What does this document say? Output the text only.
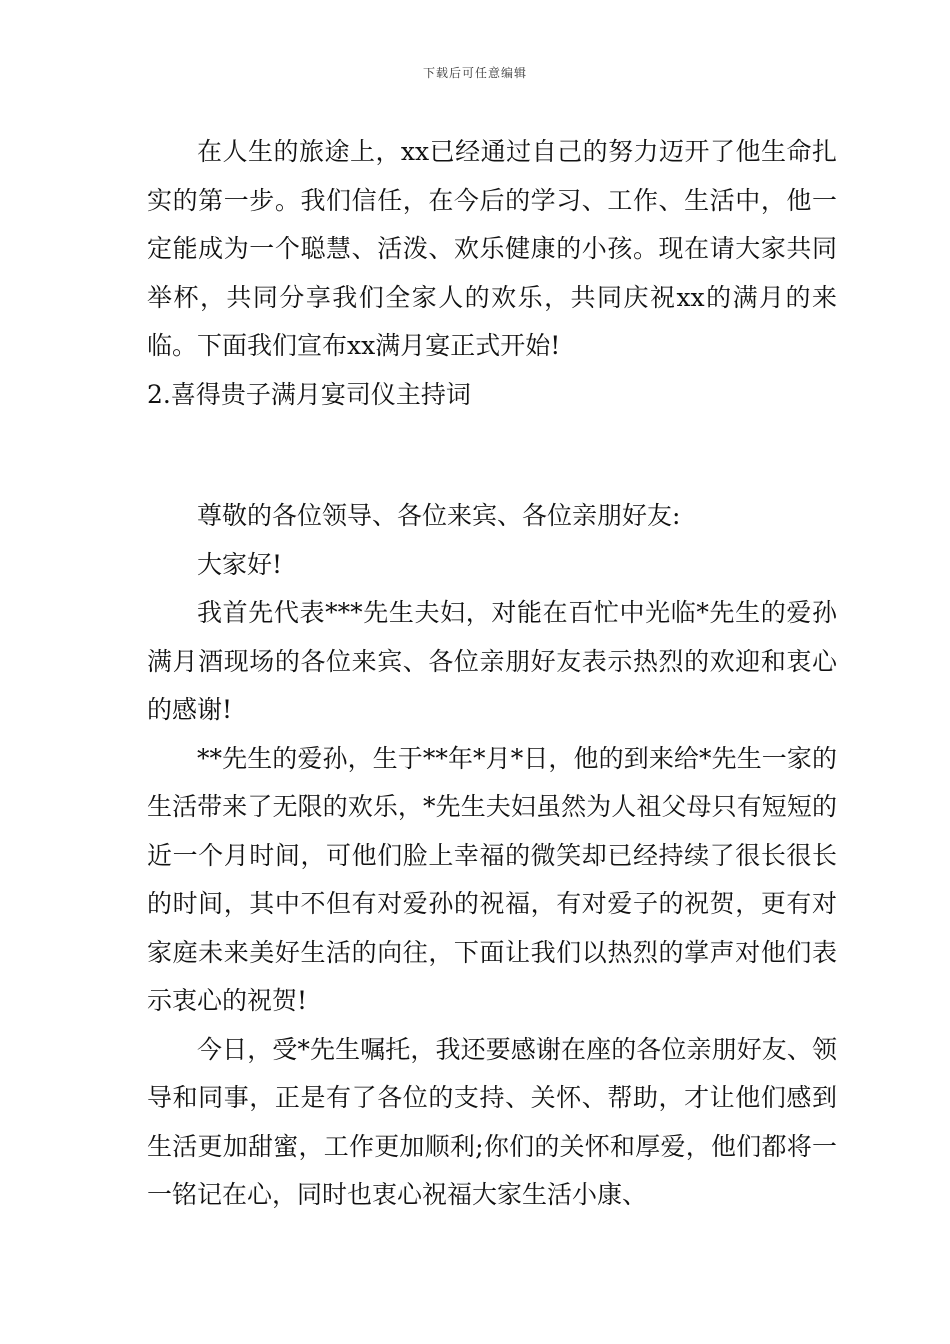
下载后可任意编辑

在人生的旅途上，xx已经通过自己的努力迈开了他生命扎实的第一步。我们信任，在今后的学习、工作、生活中，他一定能成为一个聪慧、活泼、欢乐健康的小孩。现在请大家共同举杯，共同分享我们全家人的欢乐，共同庆祝xx的满月的来临。下面我们宣布xx满月宴正式开始!

2.喜得贵子满月宴司仪主持词

尊敬的各位领导、各位来宾、各位亲朋好友:

大家好!

我首先代表***先生夫妇，对能在百忙中光临*先生的爱孙满月酒现场的各位来宾、各位亲朋好友表示热烈的欢迎和衷心的感谢!

**先生的爱孙，生于**年*月*日，他的到来给*先生一家的生活带来了无限的欢乐，*先生夫妇虽然为人祖父母只有短短的近一个月时间，可他们脸上幸福的微笑却已经持续了很长很长的时间，其中不但有对爱孙的祝福，有对爱子的祝贺，更有对家庭未来美好生活的向往，下面让我们以热烈的掌声对他们表示衷心的祝贺!

今日，受*先生嘱托，我还要感谢在座的各位亲朋好友、领导和同事，正是有了各位的支持、关怀、帮助，才让他们感到生活更加甜蜜，工作更加顺利;你们的关怀和厚爱，他们都将一一铭记在心，同时也衷心祝福大家生活小康、
